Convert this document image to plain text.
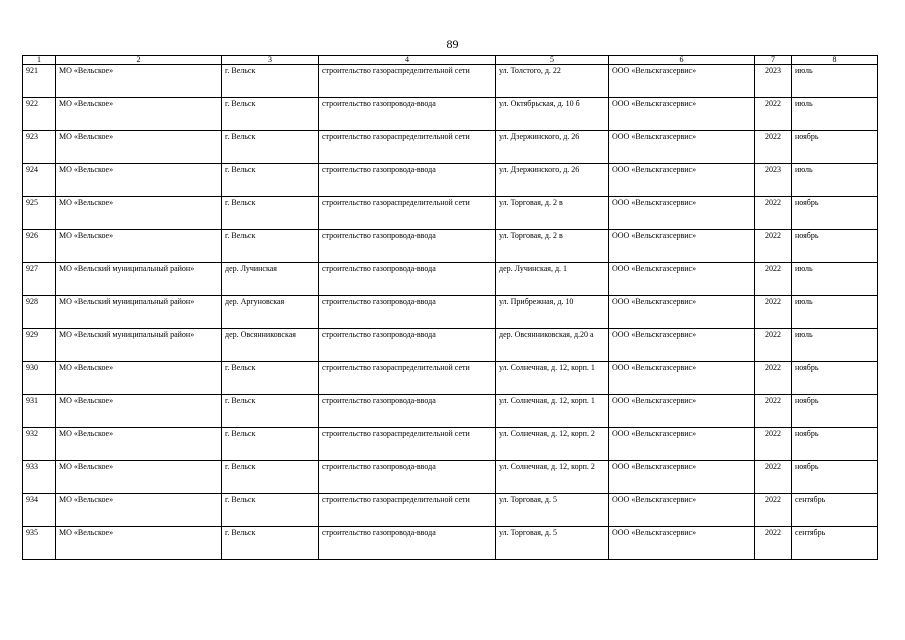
89
1	2	3	4	5	6	7	8
921	МО «Вельское»	г. Вельск	строительство газораспределительной сети	ул. Толстого, д. 22	ООО «Вельскгазсервис»	2023	июль
922	МО «Вельское»	г. Вельск	строительство газопровода-ввода	ул. Октябрьская, д. 10 б	ООО «Вельскгазсервис»	2022	июль
923	МО «Вельское»	г. Вельск	строительство газораспределительной сети	ул. Дзержинского, д. 26	ООО «Вельскгазсервис»	2022	ноябрь
924	МО «Вельское»	г. Вельск	строительство газопровода-ввода	ул. Дзержинского, д. 26	ООО «Вельскгазсервис»	2023	июль
925	МО «Вельское»	г. Вельск	строительство газораспределительной сети	ул. Торговая, д. 2 в	ООО «Вельскгазсервис»	2022	ноябрь
926	МО «Вельское»	г. Вельск	строительство газопровода-ввода	ул. Торговая, д. 2 в	ООО «Вельскгазсервис»	2022	ноябрь
927	МО «Вельский муниципальный район»	дер. Лучинская	строительство газопровода-ввода	дер. Лучинская, д. 1	ООО «Вельскгазсервис»	2022	июль
928	МО «Вельский муниципальный район»	дер. Аргуновская	строительство газопровода-ввода	ул. Прибрежная, д. 10	ООО «Вельскгазсервис»	2022	июль
929	МО «Вельский муниципальный район»	дер. Овсянниковская	строительство газопровода-ввода	дер. Овсянниковская, д.20 а	ООО «Вельскгазсервис»	2022	июль
930	МО «Вельское»	г. Вельск	строительство газораспределительной сети	ул. Солнечная, д. 12, корп. 1	ООО «Вельскгазсервис»	2022	ноябрь
931	МО «Вельское»	г. Вельск	строительство газопровода-ввода	ул. Солнечная, д. 12, корп. 1	ООО «Вельскгазсервис»	2022	ноябрь
932	МО «Вельское»	г. Вельск	строительство газораспределительной сети	ул. Солнечная, д. 12, корп. 2	ООО «Вельскгазсервис»	2022	ноябрь
933	МО «Вельское»	г. Вельск	строительство газопровода-ввода	ул. Солнечная, д. 12, корп. 2	ООО «Вельскгазсервис»	2022	ноябрь
934	МО «Вельское»	г. Вельск	строительство газораспределительной сети	ул. Торговая, д. 5	ООО «Вельскгазсервис»	2022	сентябрь
935	МО «Вельское»	г. Вельск	строительство газопровода-ввода	ул. Торговая, д. 5	ООО «Вельскгазсервис»	2022	сентябрь
